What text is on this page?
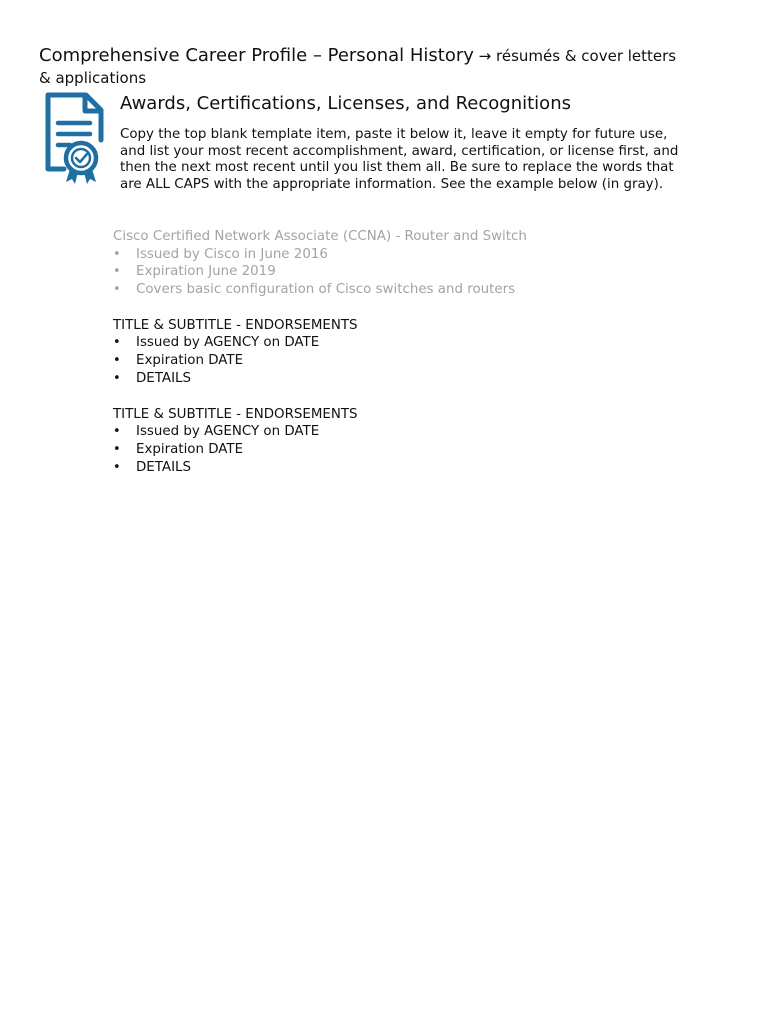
Comprehensive Career Profile – Personal History → résumés & cover letters
& applications
Awards, Certifications, Licenses, and Recognitions

Copy the top blank template item, paste it below it, leave it empty for future use, and list your most recent accomplishment, award, certification, or license first, and then the next most recent until you list them all. Be sure to replace the words that are ALL CAPS with the appropriate information. See the example below (in gray).

Cisco Certified Network Associate (CCNA) - Router and Switch
•	Issued by Cisco in June 2016
•	Expiration June 2019
•	Covers basic configuration of Cisco switches and routers
TITLE & SUBTITLE - ENDORSEMENTS
•	Issued by AGENCY on DATE
•	Expiration DATE
•	DETAILS
TITLE & SUBTITLE - ENDORSEMENTS
•	Issued by AGENCY on DATE
•	Expiration DATE
•	DETAILS
